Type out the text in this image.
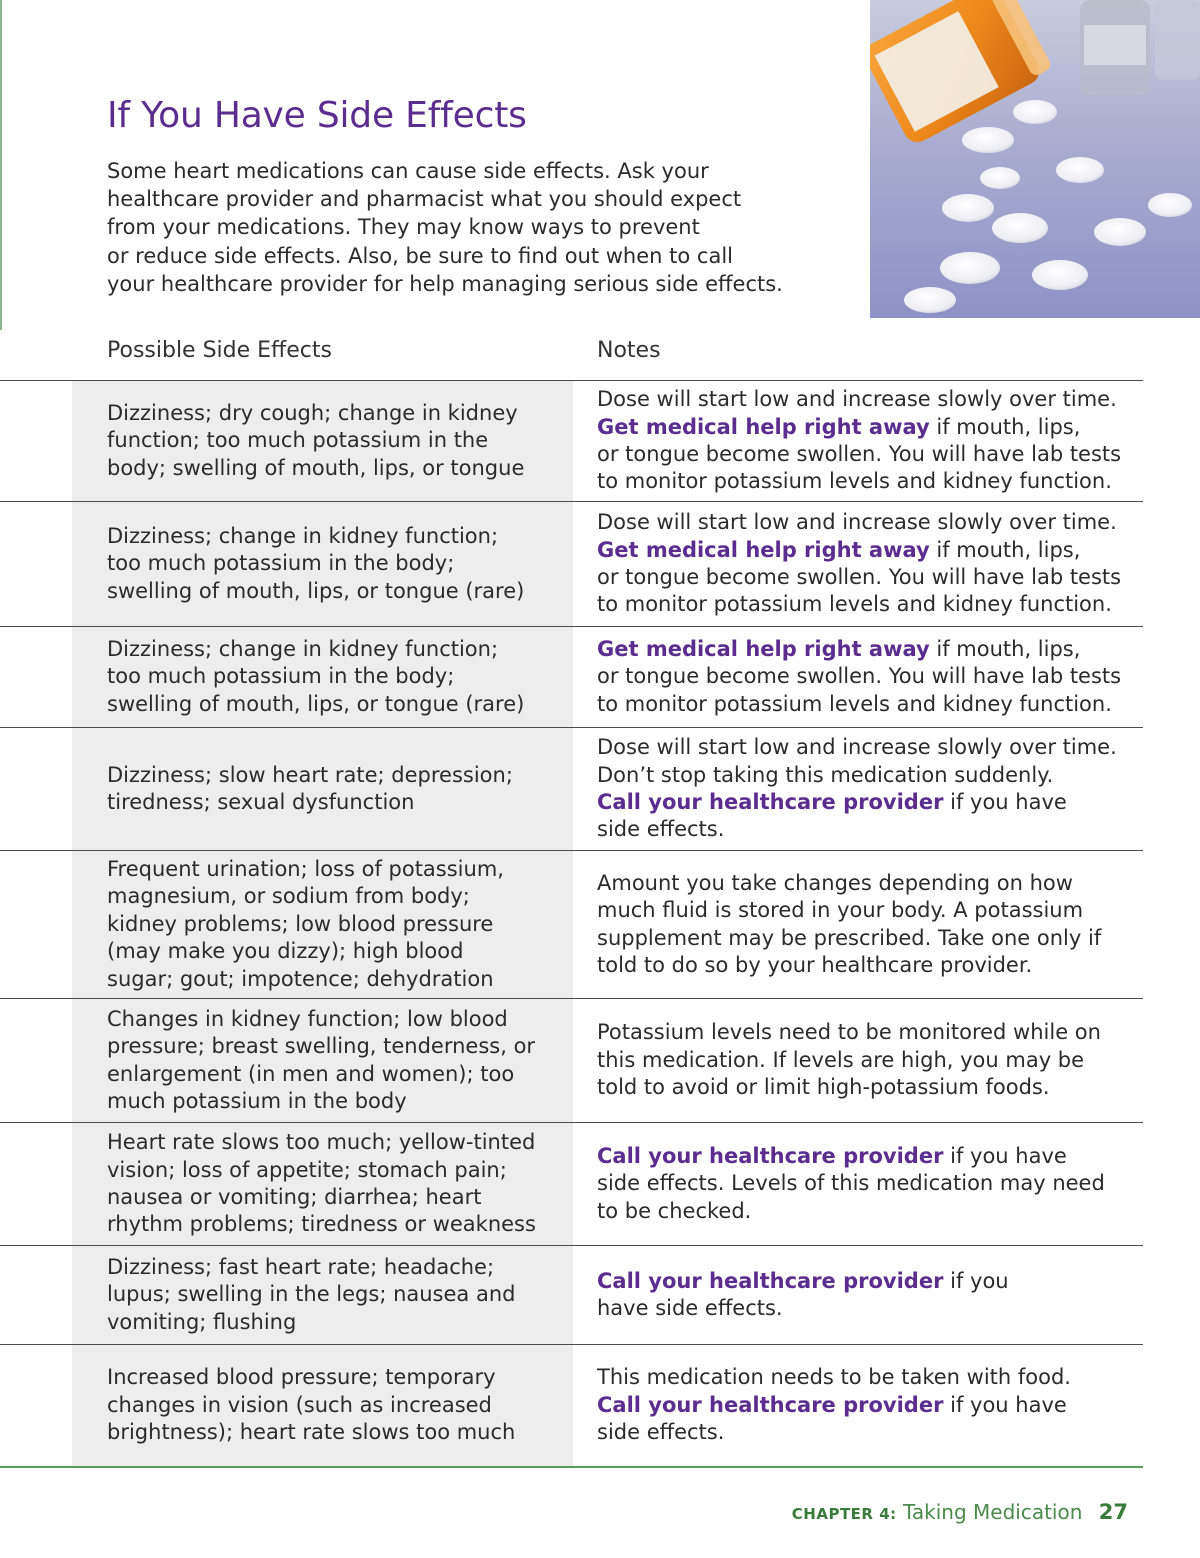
If You Have Side Effects

Some heart medications can cause side effects. Ask your
healthcare provider and pharmacist what you should expect
from your medications. They may know ways to prevent
or reduce side effects. Also, be sure to find out when to call
your healthcare provider for help managing serious side effects.

Possible Side Effects	Notes
Dizziness; dry cough; change in kidney
function; too much potassium in the
body; swelling of mouth, lips, or tongue
Dose will start low and increase slowly over time.
Get medical help right away if mouth, lips,
or tongue become swollen. You will have lab tests
to monitor potassium levels and kidney function.
Dizziness; change in kidney function;
too much potassium in the body;
swelling of mouth, lips, or tongue (rare)
Dose will start low and increase slowly over time.
Get medical help right away if mouth, lips,
or tongue become swollen. You will have lab tests
to monitor potassium levels and kidney function.
Dizziness; change in kidney function;
too much potassium in the body;
swelling of mouth, lips, or tongue (rare)
Get medical help right away if mouth, lips,
or tongue become swollen. You will have lab tests
to monitor potassium levels and kidney function.
Dizziness; slow heart rate; depression;
tiredness; sexual dysfunction
Dose will start low and increase slowly over time.
Don’t stop taking this medication suddenly.
Call your healthcare provider if you have
side effects.
Frequent urination; loss of potassium,
magnesium, or sodium from body;
kidney problems; low blood pressure
(may make you dizzy); high blood
sugar; gout; impotence; dehydration
Amount you take changes depending on how
much fluid is stored in your body. A potassium
supplement may be prescribed. Take one only if
told to do so by your healthcare provider.
Changes in kidney function; low blood
pressure; breast swelling, tenderness, or
enlargement (in men and women); too
much potassium in the body
Potassium levels need to be monitored while on
this medication. If levels are high, you may be
told to avoid or limit high-potassium foods.
Heart rate slows too much; yellow-tinted
vision; loss of appetite; stomach pain;
nausea or vomiting; diarrhea; heart
rhythm problems; tiredness or weakness
Call your healthcare provider if you have
side effects. Levels of this medication may need
to be checked.
Dizziness; fast heart rate; headache;
lupus; swelling in the legs; nausea and
vomiting; flushing
Call your healthcare provider if you
have side effects.
Increased blood pressure; temporary
changes in vision (such as increased
brightness); heart rate slows too much
This medication needs to be taken with food.
Call your healthcare provider if you have
side effects.
CHAPTER 4: Taking Medication 27
